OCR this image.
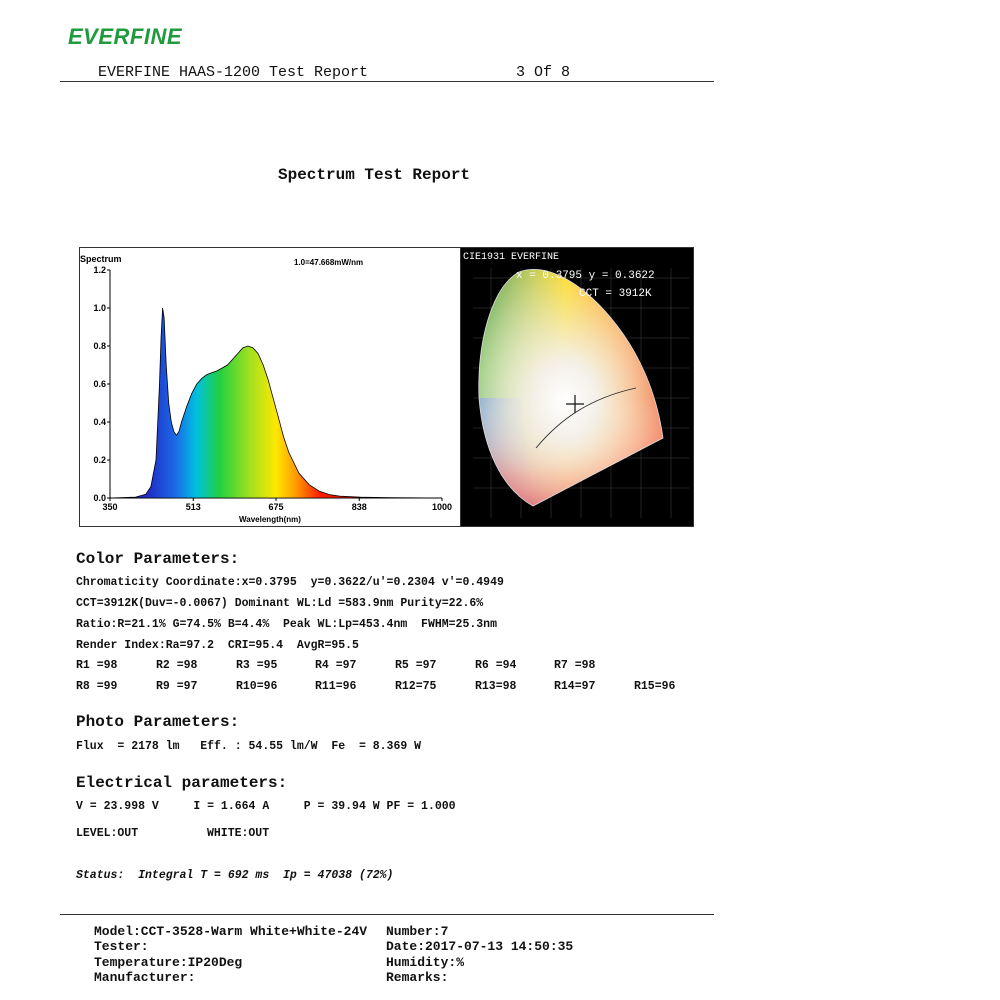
EVERFINE
EVERFINE HAAS-1200 Test Report	3 Of 8
Spectrum Test Report
0.0
0.2
0.4
0.6
0.8
1.0
1.2
350	513	675	838	1000
Spectrum	1.0=47.668mW/nm
Wavelength(nm)
CIE1931 EVERFINE
x = 0.3795 y = 0.3622
CCT = 3912K
Color Parameters:
Chromaticity Coordinate:x=0.3795  y=0.3622/u'=0.2304 v'=0.4949
CCT=3912K(Duv=-0.0067) Dominant WL:Ld =583.9nm Purity=22.6%
Ratio:R=21.1% G=74.5% B=4.4%  Peak WL:Lp=453.4nm  FWHM=25.3nm
Render Index:Ra=97.2  CRI=95.4  AvgR=95.5
R1 =98	R2 =98	R3 =95	R4 =97	R5 =97	R6 =94	R7 =98
R8 =99	R9 =97	R10=96	R11=96	R12=75	R13=98	R14=97	R15=96
Photo Parameters:
Flux  = 2178 lm   Eff. : 54.55 lm/W  Fe  = 8.369 W
Electrical parameters:
V = 23.998 V     I = 1.664 A     P = 39.94 W PF = 1.000
LEVEL:OUT	WHITE:OUT
Status:  Integral T = 692 ms  Ip = 47038 (72%)
Model:CCT-3528-Warm White+White-24V Number:7
Tester:	Date:2017-07-13 14:50:35
Temperature:IP20Deg	Humidity:%
Manufacturer:	Remarks:
